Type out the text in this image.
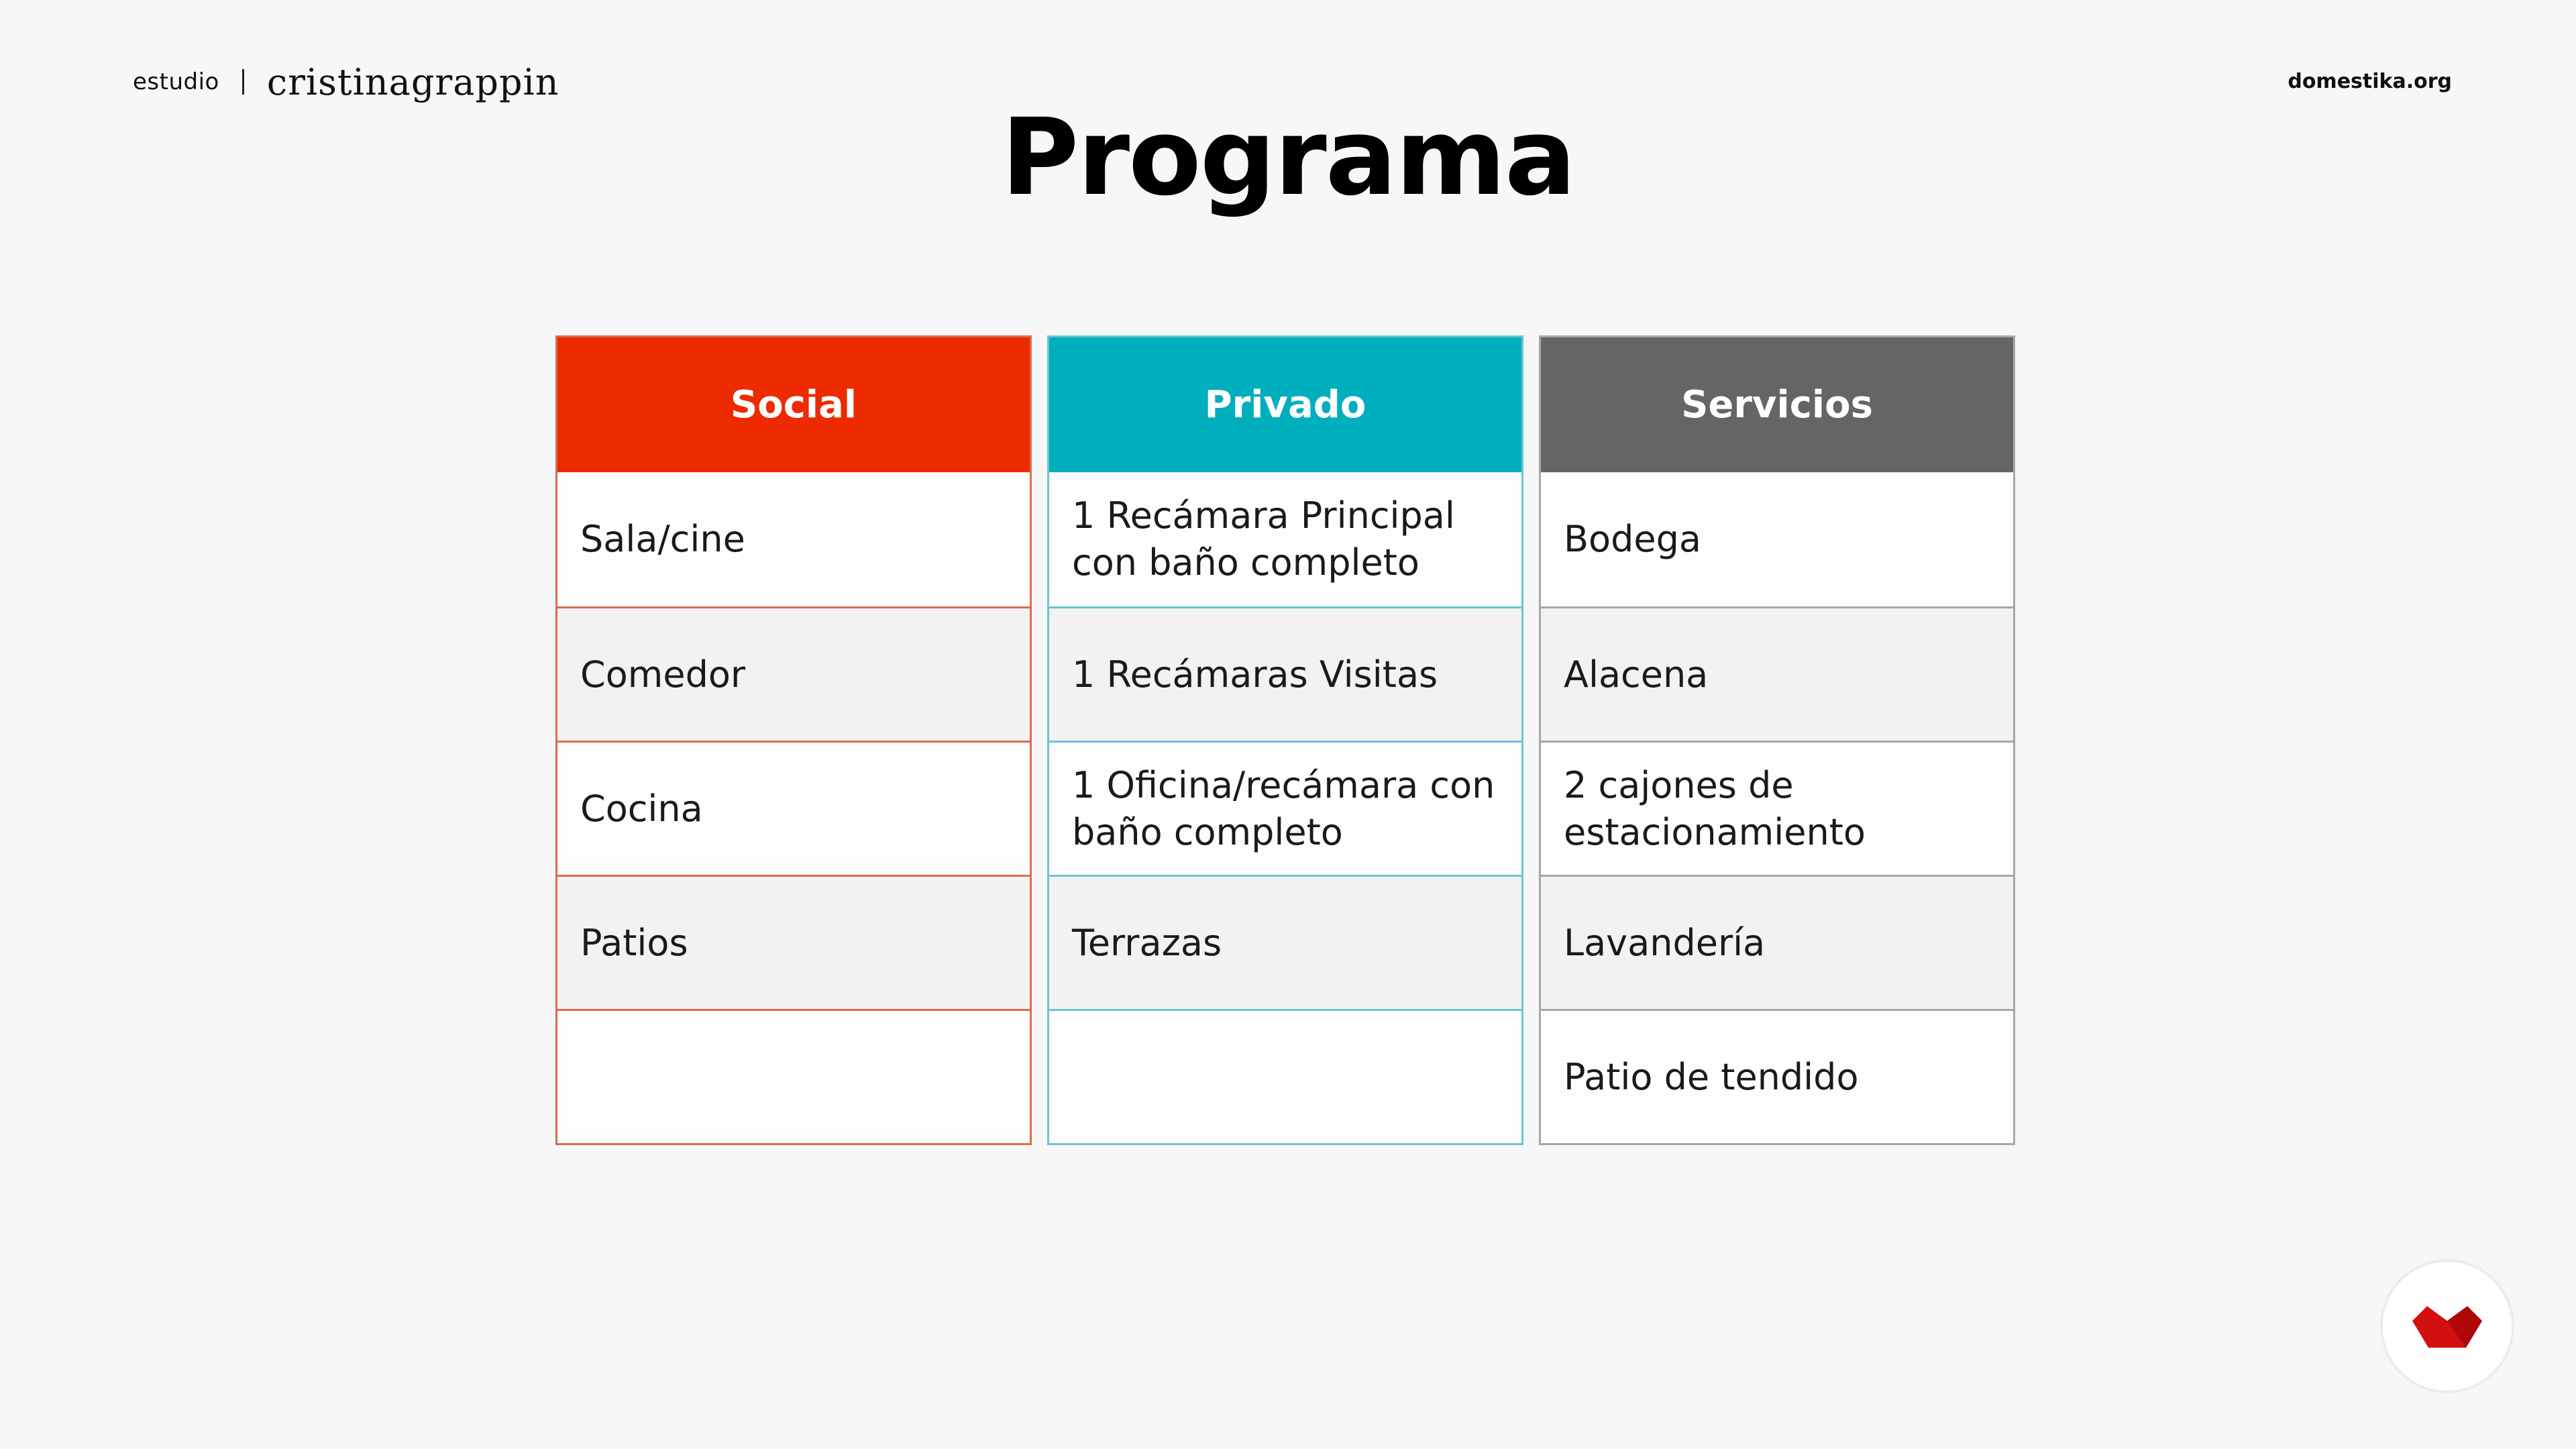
estudio cristinagrappin	domestika.org
Programa
Social
Sala/cine
Comedor
Cocina
Patios
Privado
1 Recámara Principal con baño completo
1 Recámaras Visitas
1 Oficina/recámara con baño completo
Terrazas
Servicios
Bodega
Alacena
2 cajones de estacionamiento
Lavandería
Patio de tendido
